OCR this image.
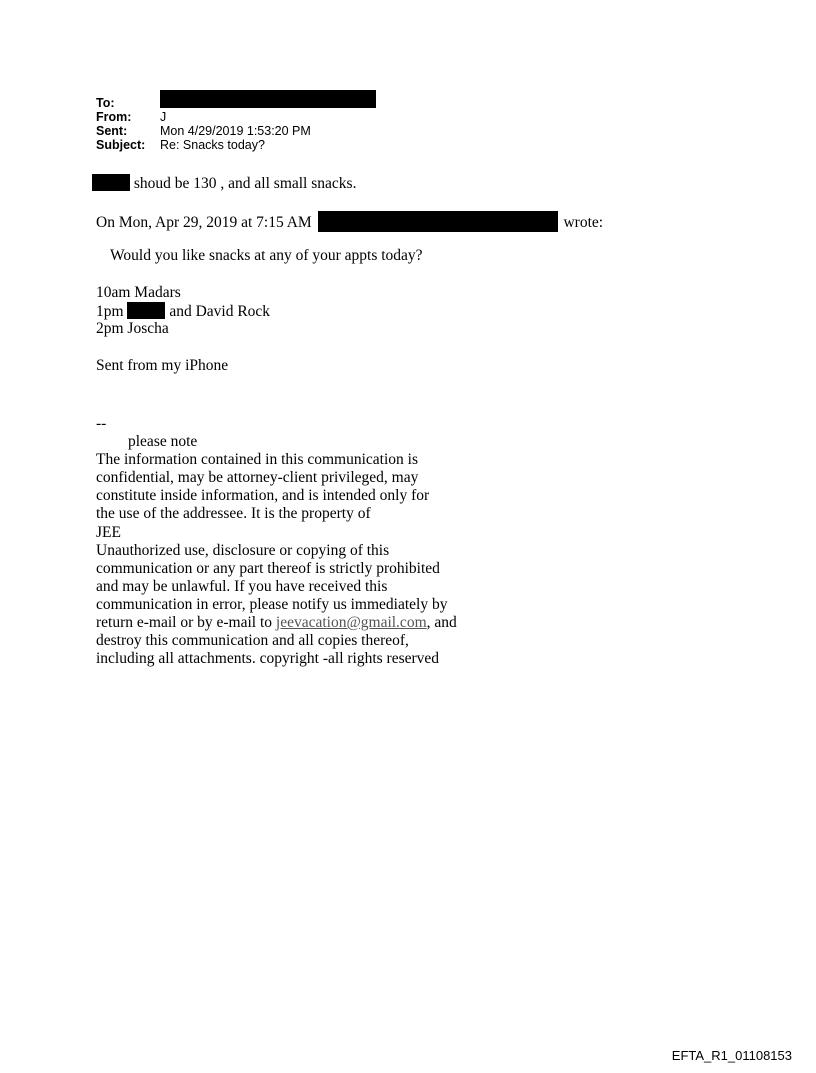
To:
From:	J
Sent:	Mon 4/29/2019 1:53:20 PM
Subject:	Re: Snacks today?
shoud be 130 , and all small snacks.
On Mon, Apr 29, 2019 at 7:15 AM	wrote:
Would you like snacks at any of your appts today?
10am Madars
1pm	and David Rock
2pm Joscha
Sent from my iPhone
--
please note
The information contained in this communication is
confidential, may be attorney-client privileged, may
constitute inside information, and is intended only for
the use of the addressee. It is the property of
JEE
Unauthorized use, disclosure or copying of this
communication or any part thereof is strictly prohibited
and may be unlawful. If you have received this
communication in error, please notify us immediately by
return e-mail or by e-mail to jeevacation@gmail.com, and
destroy this communication and all copies thereof,
including all attachments. copyright -all rights reserved
EFTA_R1_01108153
